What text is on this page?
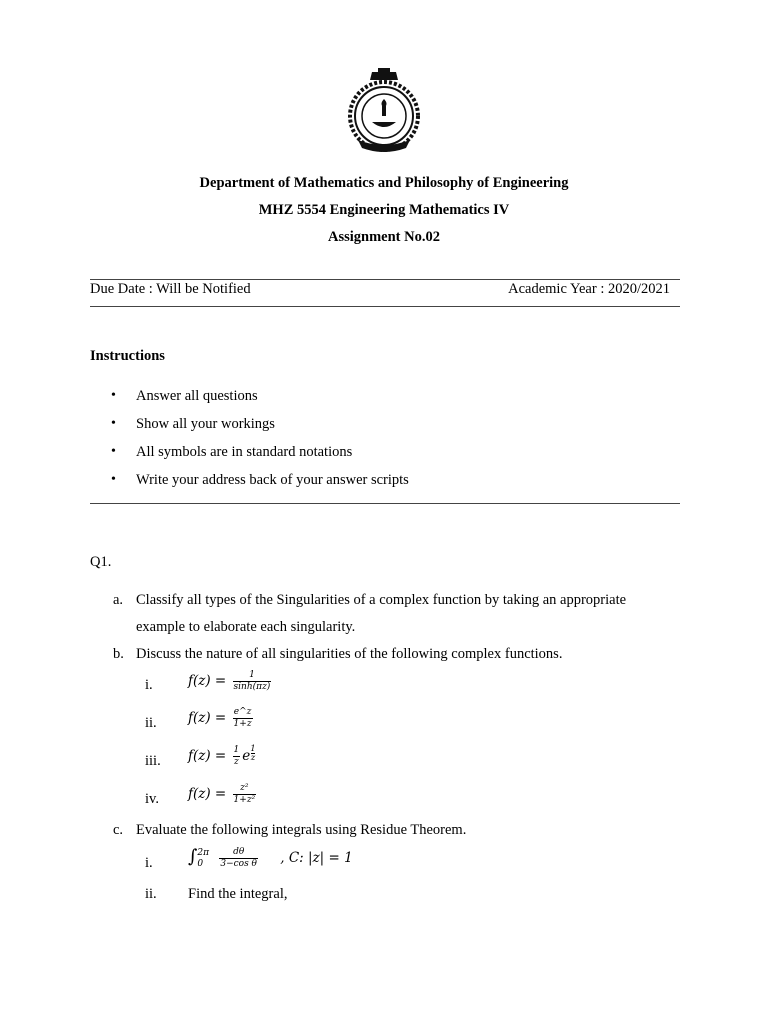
Department of Mathematics and Philosophy of Engineering
MHZ 5554 Engineering Mathematics IV
Assignment No.02
Due Date : Will be Notified	Academic Year : 2020/2021
Instructions
• Answer all questions
• Show all your workings
• All symbols are in standard notations
• Write your address back of your answer scripts
Q1.
a. Classify all types of the Singularities of a complex function by taking an appropriate
example to elaborate each singularity.
b. Discuss the nature of all singularities of the following complex functions.
i.	$f(z) = \frac{1}{\sinh(\pi z)}$
ii. $f(z) = \frac{e\^{}z}{1+z}$
iii. $f(z) = \frac{1}{z}$ e $^{\frac{1}{z}}$
iv. $f(z) = \frac{\text{z²}}{\text{1+z²}}$
c. Evaluate the following integrals using Residue Theorem.
i. ∫ 2π
0
	$\frac{d\theta}{\text{3−cos θ}}$ , C: |z| = 1
ii. Find the integral,
